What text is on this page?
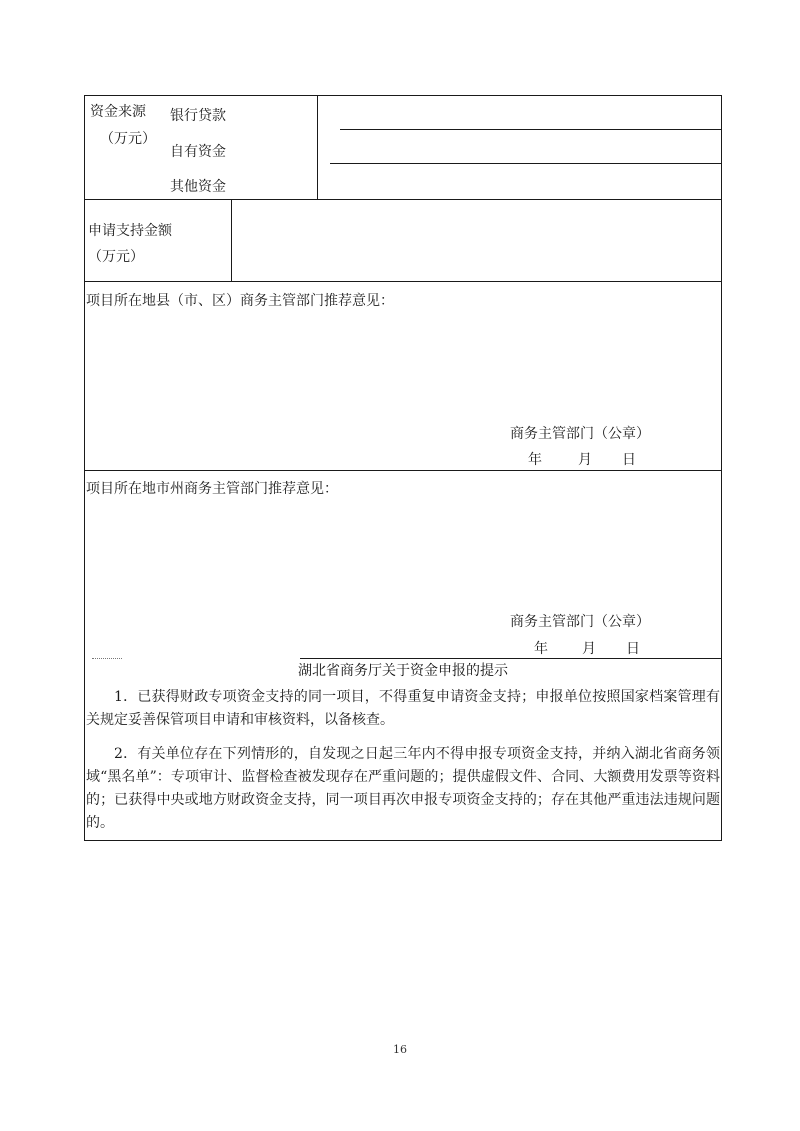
资金来源
（万元）
银行贷款
自有资金
其他资金
申请支持金额
（万元）
项目所在地县（市、区）商务主管部门推荐意见：
商务主管部门（公章）
年	月 日
项目所在地市州商务主管部门推荐意见：
商务主管部门（公章）
年 月 日
湖北省商务厅关于资金申报的提示
1．已获得财政专项资金支持的同一项目，不得重复申请资金支持；申报单位按照国家档案管理有关规定妥善保管项目申请和审核资料，以备核查。
2．有关单位存在下列情形的，自发现之日起三年内不得申报专项资金支持，并纳入湖北省商务领域“黑名单”：专项审计、监督检查被发现存在严重问题的；提供虚假文件、合同、大额费用发票等资料的；已获得中央或地方财政资金支持，同一项目再次申报专项资金支持的；存在其他严重违法违规问题的。
16
